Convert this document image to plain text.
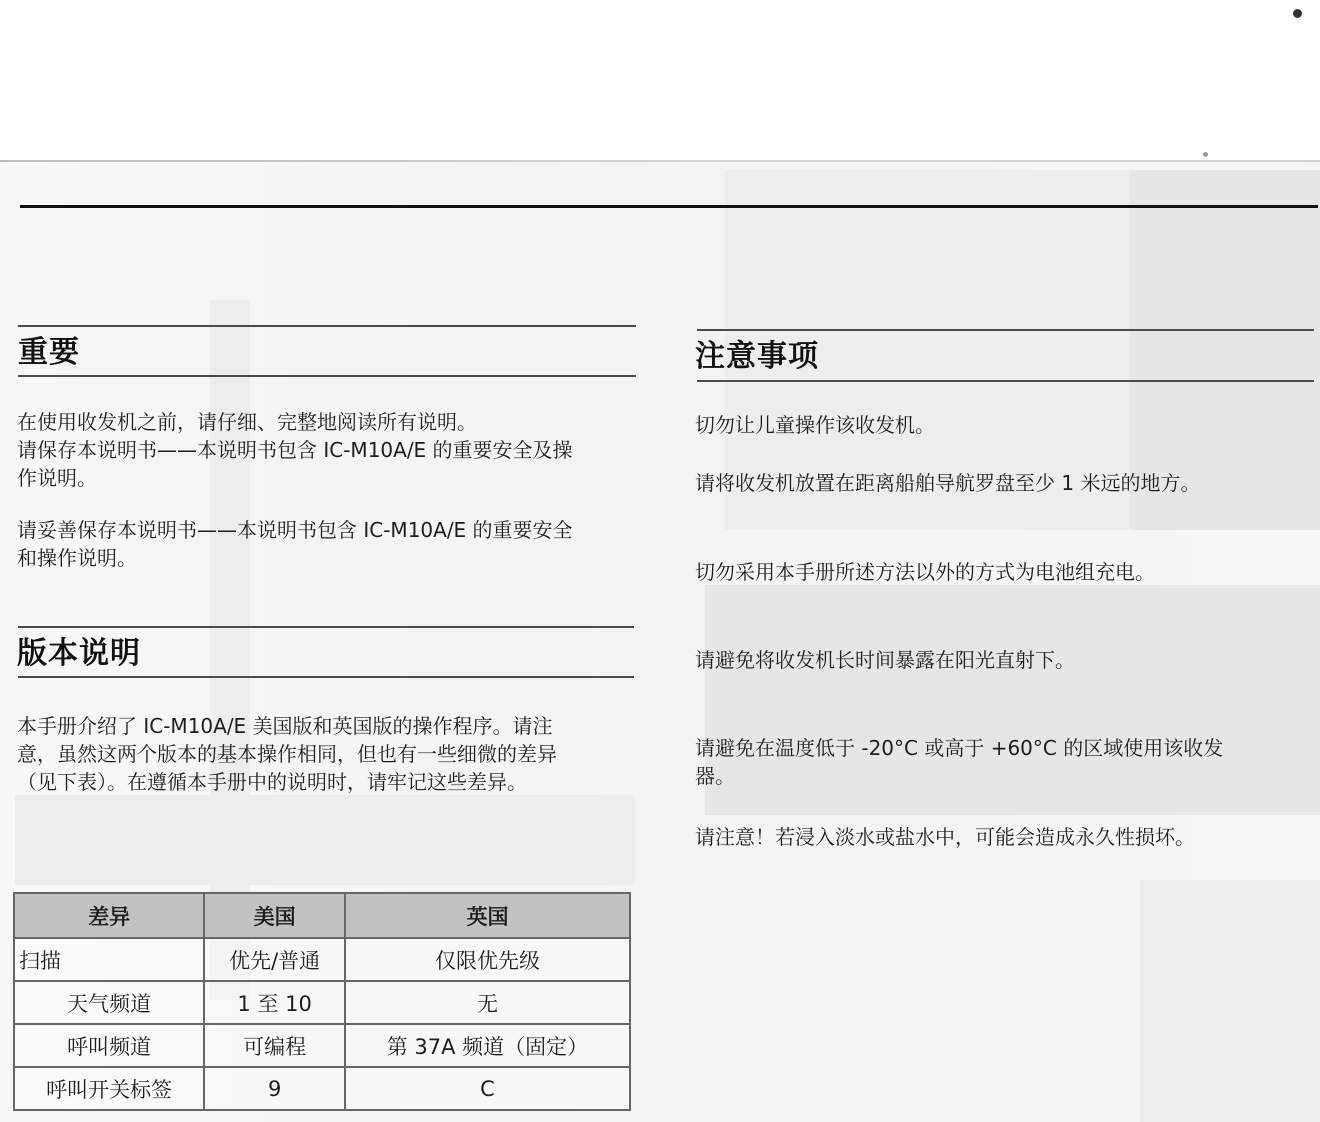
重要

在使用收发机之前，请仔细、完整地阅读所有说明。
请保存本说明书——本说明书包含 IC-M10A/E 的重要安全及操
作说明。

请妥善保存本说明书——本说明书包含 IC-M10A/E 的重要安全
和操作说明。

版本说明

本手册介绍了 IC-M10A/E 美国版和英国版的操作程序。请注
意，虽然这两个版本的基本操作相同，但也有一些细微的差异
（见下表）。在遵循本手册中的说明时，请牢记这些差异。

差异	美国	英国
扫描	优先/普通	仅限优先级
天气频道	1 至 10	无
呼叫频道	可编程	第 37A 频道（固定）
呼叫开关标签	9	C
注意事项

切勿让儿童操作该收发机。

请将收发机放置在距离船舶导航罗盘至少 1 米远的地方。

切勿采用本手册所述方法以外的方式为电池组充电。

请避免将收发机长时间暴露在阳光直射下。

请避免在温度低于 -20°C 或高于 +60°C 的区域使用该收发
器。

请注意！若浸入淡水或盐水中，可能会造成永久性损坏。
